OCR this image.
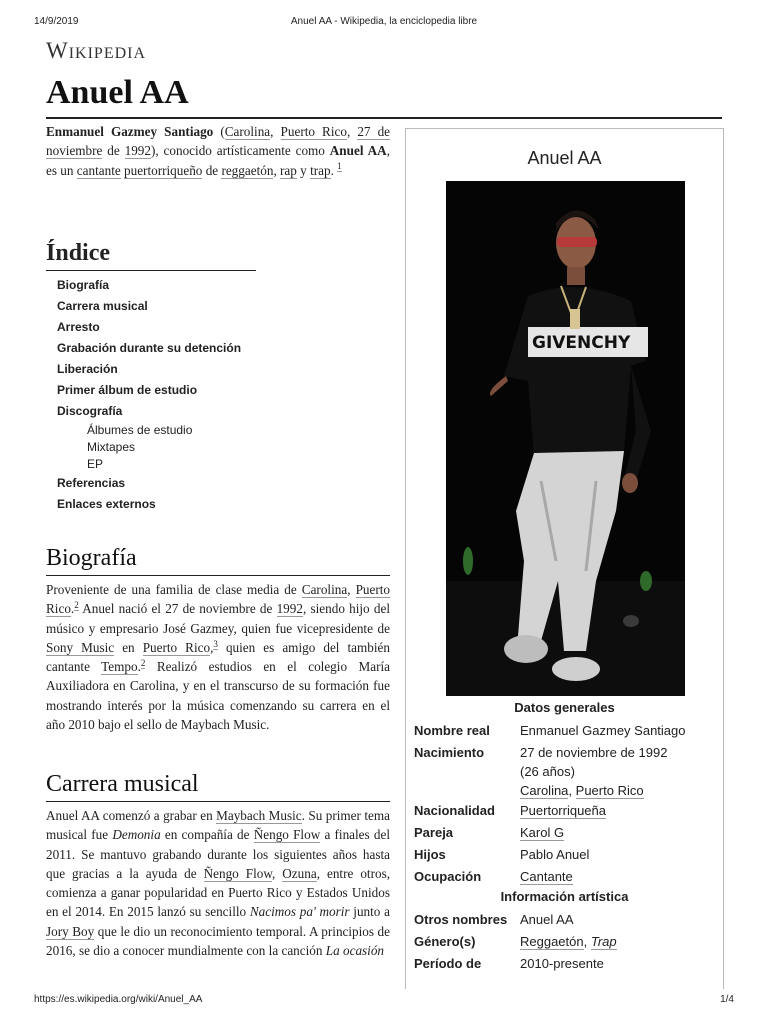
14/9/2019	Anuel AA - Wikipedia, la enciclopedia libre
Wikipedia
Anuel AA

Enmanuel Gazmey Santiago (Carolina, Puerto Rico, 27 de noviembre de 1992), conocido artísticamente como Anuel AA, es un cantante puertorriqueño de reggaetón, rap y trap. $^1$

Índice
Biografía
Carrera musical
Arresto
Grabación durante su detención
Liberación
Primer álbum de estudio
Discografía
Álbumes de estudio
Mixtapes
EP
Referencias
Enlaces externos
Biografía

Proveniente de una familia de clase media de Carolina, Puerto Rico.$^2$ Anuel nació el 27 de noviembre de 1992, siendo hijo del músico y empresario José Gazmey, quien fue vicepresidente de Sony Music en Puerto Rico,$^3$ quien es amigo del también cantante Tempo.$^2$ Realizó estudios en el colegio María Auxiliadora en Carolina, y en el transcurso de su formación fue mostrando interés por la música comenzando su carrera en el año 2010 bajo el sello de Maybach Music.

Carrera musical

Anuel AA comenzó a grabar en Maybach Music. Su primer tema musical fue Demonia en compañía de Ñengo Flow a finales del 2011. Se mantuvo grabando durante los siguientes años hasta que gracias a la ayuda de Ñengo Flow, Ozuna, entre otros, comienza a ganar popularidad en Puerto Rico y Estados Unidos en el 2014. En 2015 lanzó su sencillo Nacimos pa' morir junto a Jory Boy que le dio un reconocimiento temporal. A principios de 2016, se dio a conocer mundialmente con la canción La ocasión

Anuel AA
GIVENCHY
Datos generales
Nombre real	Enmanuel Gazmey Santiago
Nacimiento	27 de noviembre de 1992
(26 años)
Carolina, Puerto Rico
Nacionalidad	Puertorriqueña
Pareja	Karol G
Hijos	Pablo Anuel
Ocupación	Cantante
Información artística
Otros nombres Anuel AA
Género(s)	Reggaetón, Trap
Período de	2010-presente
https://es.wikipedia.org/wiki/Anuel_AA	1/4
